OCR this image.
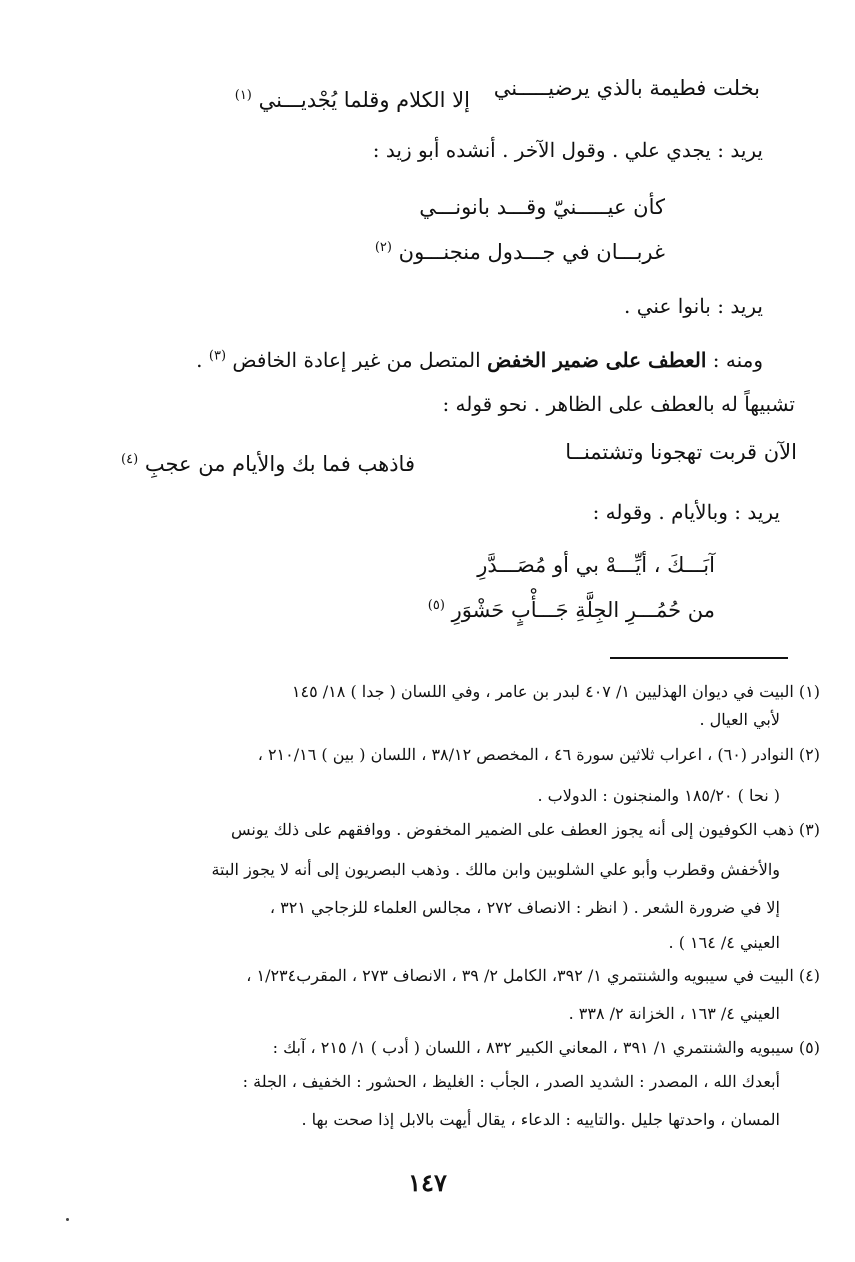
بخلت فطيمة بالذي يرضيـــــني
إلا الكلام وقلما يُجْديـــني $^{(١)}$
يريد : يجدي علي . وقول الآخر . أنشده أبو زيد :
كأن عيـــــنيّ وقـــد بانونـــي
غربـــان في جـــدول منجنـــون $^{(٢)}$
يريد : بانوا عني .
ومنه : العطف على ضمير الخفض المتصل من غير إعادة الخافض $^{(٣)}$ .
تشبيهاً له بالعطف على الظاهر . نحو قوله :
الآن قربت تهجونا وتشتمنــا
فاذهب فما بك والأيام من عجبِ $^{(٤)}$
يريد : وبالأيام . وقوله :
آبَـــكَ ، أيِّـــهْ بي أو مُصَـــدَّرِ
من حُمُـــرِ الجِلَّةِ جَـــأْبٍ حَشْوَرِ $^{(٥)}$
(١) البيت في ديوان الهذليين ١/ ٤٠٧ لبدر بن عامر ، وفي اللسان ( جدا ) ١٨/ ١٤٥
لأبي العيال .
(٢) النوادر (٦٠) ، اعراب ثلاثين سورة ٤٦ ، المخصص ٣٨/١٢ ، اللسان ( بين ) ٢١٠/١٦ ،
( نحا ) ١٨٥/٢٠ والمنجنون : الدولاب .
(٣) ذهب الكوفيون إلى أنه يجوز العطف على الضمير المخفوض . ووافقهم على ذلك يونس
والأخفش وقطرب وأبو علي الشلوبين وابن مالك . وذهب البصريون إلى أنه لا يجوز البتة
إلا في ضرورة الشعر . ( انظر : الانصاف ٢٧٢ ، مجالس العلماء للزجاجي ٣٢١ ،
العيني ٤/ ١٦٤ ) .
(٤) البيت في سيبويه والشنتمري ١/ ٣٩٢، الكامل ٢/ ٣٩ ، الانصاف ٢٧٣ ، المقرب١/٢٣٤ ،
العيني ٤/ ١٦٣ ، الخزانة ٢/ ٣٣٨ .
(٥) سيبويه والشنتمري ١/ ٣٩١ ، المعاني الكبير ٨٣٢ ، اللسان ( أدب ) ١/ ٢١٥ ، آبك :
أبعدك الله ، المصدر : الشديد الصدر ، الجأب : الغليظ ، الحشور : الخفيف ، الجلة :
المسان ، واحدتها جليل .والتاييه : الدعاء ، يقال أيهت بالابل إذا صحت بها .
١٤٧
